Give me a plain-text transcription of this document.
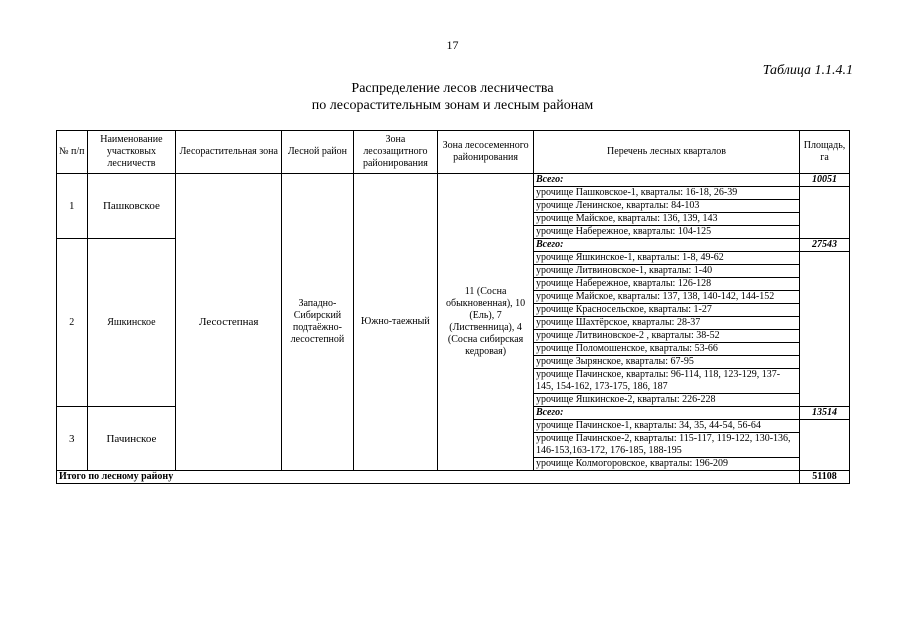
17
Таблица 1.1.4.1
Распределение лесов лесничества
по лесорастительным зонам и лесным районам
№ п/п	Наименование участковых лесничеств	Лесорастительная зона	Лесной район	Зона лесозащитного районирования	Зона лесосеменного районирования	Перечень лесных кварталов	Площадь, га
1	Пашковское	Лесостепная	Западно-Сибирский подтаёжно-лесостепной	Южно-таежный	11 (Сосна обыкновенная), 10 (Ель), 7 (Лиственница), 4 (Сосна сибирская кедровая)	Всего:	10051
						урочище Пашковское-1, кварталы: 16-18, 26-39	
						урочище Ленинское, кварталы: 84-103	
						урочище Майское, кварталы: 136, 139, 143	
						урочище Набережное, кварталы: 104-125	
2	Яшкинское					Всего:	27543
						урочище Яшкинское-1, кварталы: 1-8, 49-62	
						урочище Литвиновское-1, кварталы: 1-40	
						урочище Набережное, кварталы: 126-128	
						урочище Майское, кварталы: 137, 138, 140-142, 144-152	
						урочище Красносельское, кварталы: 1-27	
						урочище Шахтёрское, кварталы: 28-37	
						урочище Литвиновское-2 , кварталы: 38-52	
						урочище Поломошенское, кварталы: 53-66	
						урочище Зырянское, кварталы: 67-95	
						урочище Пачинское, кварталы: 96-114, 118, 123-129, 137-145, 154-162, 173-175, 186, 187	
						урочище Яшкинское-2, кварталы: 226-228	
3	Пачинское					Всего:	13514
						урочище Пачинское-1, кварталы: 34, 35, 44-54, 56-64	
						урочище Пачинское-2, кварталы: 115-117, 119-122, 130-136, 146-153,163-172, 176-185, 188-195	
						урочище Колмогоровское, кварталы: 196-209	
Итого по лесному району							51108
